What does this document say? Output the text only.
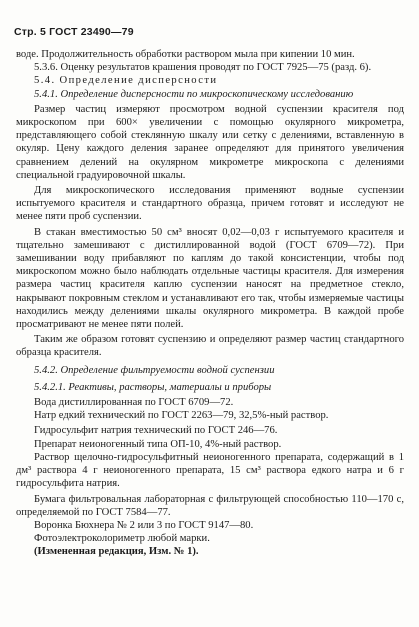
Стр. 5 ГОСТ 23490—79

воде. Продолжительность обработки раствором мыла при кипении 10 мин.

5.3.6. Оценку результатов крашения проводят по ГОСТ 7925—75 (разд. 6).

5.4. Определение дисперсности

5.4.1. Определение дисперсности по микроскопическому исследованию

Размер частиц измеряют просмотром водной суспензии красителя под микроскопом при 600× увеличении с помощью окулярного микрометра, представляющего собой стеклянную шкалу или сетку с делениями, вставленную в окуляр. Цену каждого деления заранее определяют для принятого увеличения сравнением делений на окулярном микрометре микроскопа с делениями специальной градуировочной шкалы.

Для микроскопического исследования применяют водные суспензии испытуемого красителя и стандартного образца, причем готовят и исследуют не менее пяти проб суспензии.

В стакан вместимостью 50 см³ вносят 0,02—0,03 г испытуемого красителя и тщательно замешивают с дистиллированной водой (ГОСТ 6709—72). При замешивании воду прибавляют по каплям до такой консистенции, чтобы под микроскопом можно было наблюдать отдельные частицы красителя. Для измерения размера частиц красителя каплю суспензии наносят на предметное стекло, накрывают покровным стеклом и устанавливают его так, чтобы измеряемые частицы находились между делениями шкалы окулярного микрометра. В каждой пробе просматривают не менее пяти полей.

Таким же образом готовят суспензию и определяют размер частиц стандартного образца красителя.

5.4.2. Определение фильтруемости водной суспензии

5.4.2.1. Реактивы, растворы, материалы и приборы

Вода дистиллированная по ГОСТ 6709—72.

Натр едкий технический по ГОСТ 2263—79, 32,5%-ный раствор.

Гидросульфит натрия технический по ГОСТ 246—76.

Препарат неионогенный типа ОП-10, 4%-ный раствор.

Раствор щелочно-гидросульфитный неионогенного препарата, содержащий в 1 дм³ раствора 4 г неионогенного препарата, 15 см³ раствора едкого натра и 6 г гидросульфита натрия.

Бумага фильтровальная лабораторная с фильтрующей способностью 110—170 с, определяемой по ГОСТ 7584—77.

Воронка Бюхнера № 2 или 3 по ГОСТ 9147—80.

Фотоэлектроколориметр любой марки.

(Измененная редакция, Изм. № 1).
